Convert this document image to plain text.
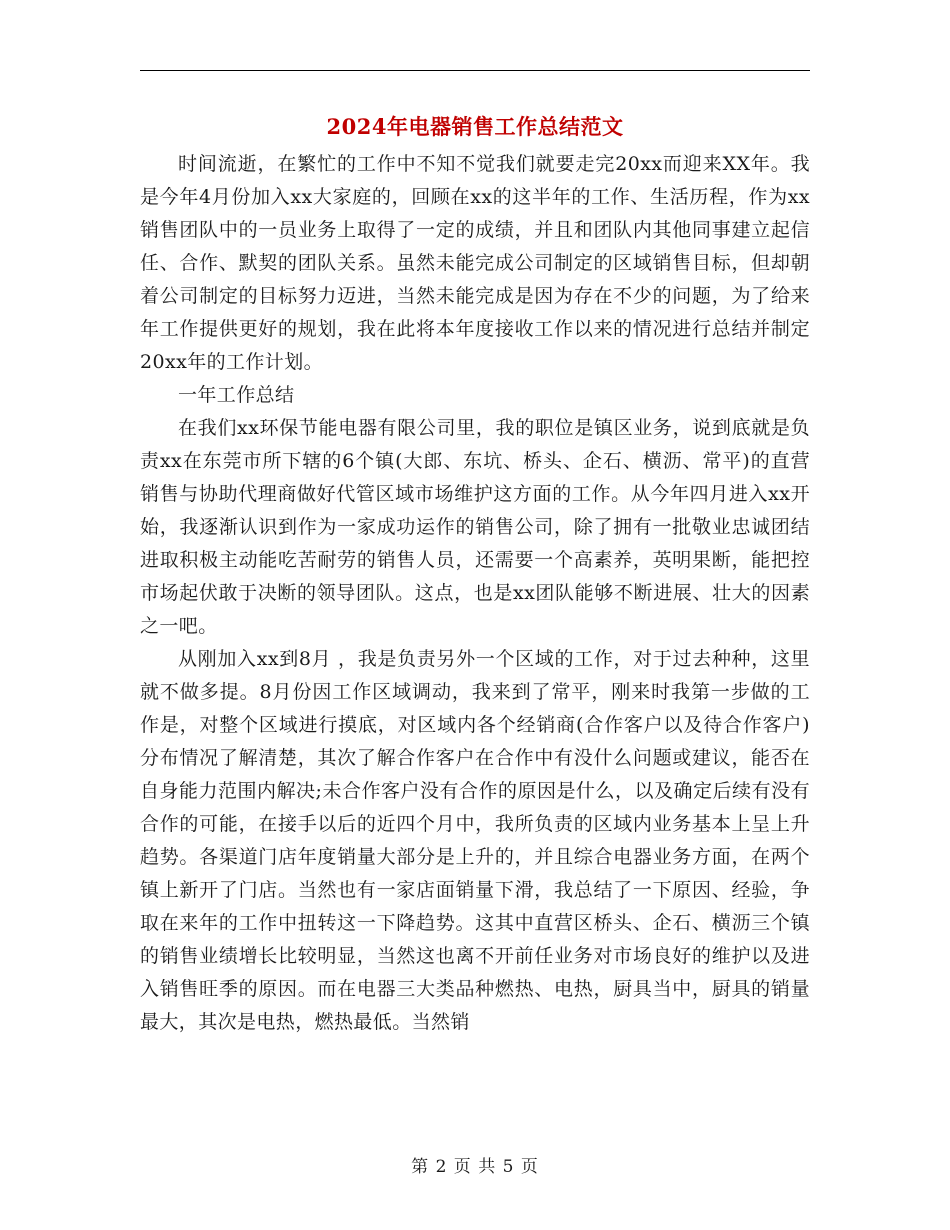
2024年电器销售工作总结范文

时间流逝，在繁忙的工作中不知不觉我们就要走完20xx而迎来XX年。我是今年4月份加入xx大家庭的，回顾在xx的这半年的工作、生活历程，作为xx销售团队中的一员业务上取得了一定的成绩，并且和团队内其他同事建立起信任、合作、默契的团队关系。虽然未能完成公司制定的区域销售目标，但却朝着公司制定的目标努力迈进，当然未能完成是因为存在不少的问题，为了给来年工作提供更好的规划，我在此将本年度接收工作以来的情况进行总结并制定20xx年的工作计划。

一年工作总结

在我们xx环保节能电器有限公司里，我的职位是镇区业务，说到底就是负责xx在东莞市所下辖的6个镇(大郎、东坑、桥头、企石、横沥、常平)的直营销售与协助代理商做好代管区域市场维护这方面的工作。从今年四月进入xx开始，我逐渐认识到作为一家成功运作的销售公司，除了拥有一批敬业忠诚团结进取积极主动能吃苦耐劳的销售人员，还需要一个高素养，英明果断，能把控市场起伏敢于决断的领导团队。这点，也是xx团队能够不断进展、壮大的因素之一吧。

从刚加入xx到8月 ，我是负责另外一个区域的工作，对于过去种种，这里就不做多提。8月份因工作区域调动，我来到了常平，刚来时我第一步做的工作是，对整个区域进行摸底，对区域内各个经销商(合作客户以及待合作客户)分布情况了解清楚，其次了解合作客户在合作中有没什么问题或建议，能否在自身能力范围内解决;未合作客户没有合作的原因是什么，以及确定后续有没有合作的可能，在接手以后的近四个月中，我所负责的区域内业务基本上呈上升趋势。各渠道门店年度销量大部分是上升的，并且综合电器业务方面，在两个镇上新开了门店。当然也有一家店面销量下滑，我总结了一下原因、经验，争取在来年的工作中扭转这一下降趋势。这其中直营区桥头、企石、横沥三个镇的销售业绩增长比较明显，当然这也离不开前任业务对市场良好的维护以及进入销售旺季的原因。而在电器三大类品种燃热、电热，厨具当中，厨具的销量最大，其次是电热，燃热最低。当然销

第 2 页 共 5 页
